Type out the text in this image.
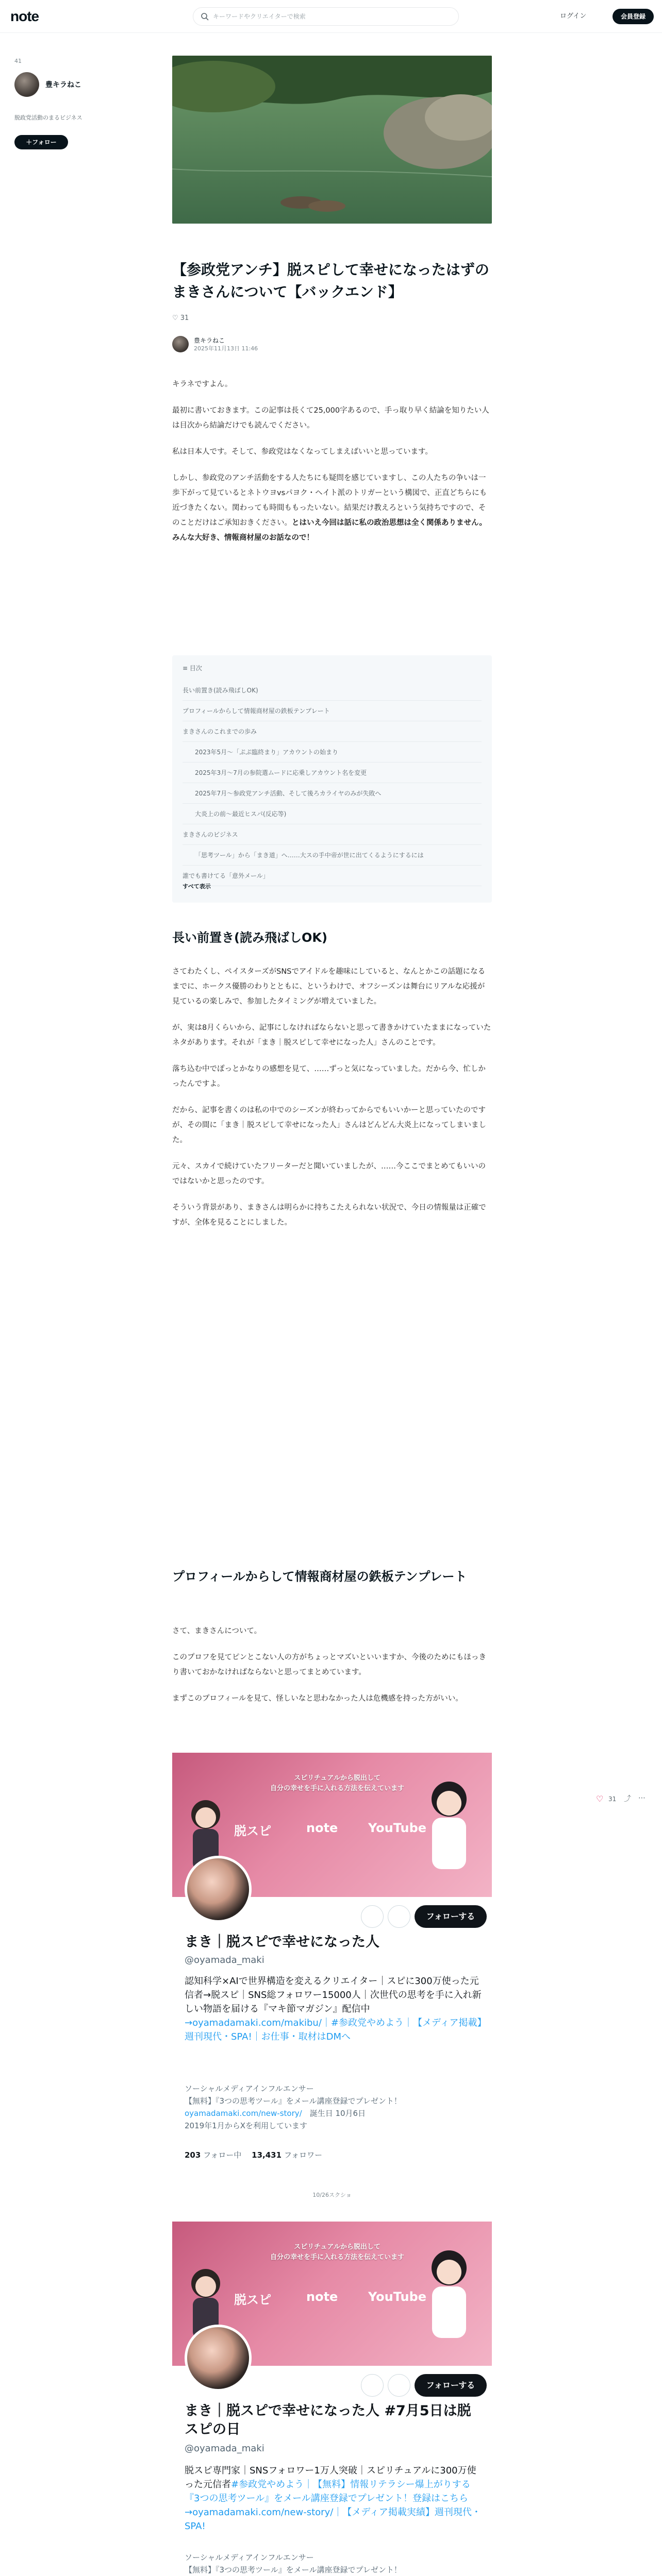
note
キーワードやクリエイターで検索	ログイン	会員登録
41
豊キラねこ
脱政党活動のまるビジネス
＋フォロー
【参政党アンチ】脱スピして幸せになったはずのまきさんについて【バックエンド】
♡ 31
豊キラねこ
2025年11月13日 11:46

キラネですよん。

最初に書いておきます。この記事は長くて25,000字あるので、手っ取り早く結論を知りたい人は目次から結論だけでも読んでください。

私は日本人です。そして、参政党はなくなってしまえばいいと思っています。

しかし、参政党のアンチ活動をする人たちにも疑問を感じていますし、この人たちの争いは一歩下がって見ているとネトウヨvsパヨク・ヘイト派のトリガーという構図で、正直どちらにも近づきたくない。関わっても時間ももったいない。結果だけ教えろという気持ちですので、そのことだけはご承知おきください。とはいえ今回は話に私の政治思想は全く関係ありません。みんな大好き、情報商材屋のお話なので！

≡ 目次
長い前置き(読み飛ばしOK)
プロフィールからして情報商材屋の鉄板テンプレート
まきさんのこれまでの歩み
2023年5月〜「ぷぷ臨終まり」アカウントの始まり
2025年3月〜7月の参院選ムードに応乗しアカウント名を変更
2025年7月〜参政党アンチ活動、そして後ろカライヤのみが失敗へ
大炎上の前〜最近ヒスパ(反応等)
まきさんのビジネス
「思考ツール」から「まき道」へ……大スの手中帝が世に出てくるようにするには
誰でも書けてる「意外メール」
すべて表示
長い前置き(読み飛ばしOK)

さてわたくし、ペイスターズがSNSでアイドルを趣味にしていると、なんとかこの話題になるまでに、ホークス優勝のわりとともに、というわけで、オフシーズンは舞台にリアルな応援が見ているの楽しみで、参加したタイミングが増えていました。

が、実は8月くらいから、記事にしなければならないと思って書きかけていたままになっていたネタがあります。それが「まき｜脱スピして幸せになった人」さんのことです。

落ち込む中でぽっとかなりの感想を見て、……ずっと気になっていました。だから今、忙しかったんですよ。

だから、記事を書くのは私の中でのシーズンが終わってからでもいいかーと思っていたのですが、その間に「まき｜脱スピして幸せになった人」さんはどんどん大炎上になってしまいました。

元々、スカイで続けていたフリーターだと聞いていましたが、……今ここでまとめてもいいのではないかと思ったのです。

そういう背景があり、まきさんは明らかに持ちこたえられない状況で、今日の情報量は正確ですが、全体を見ることにしました。

プロフィールからして情報商材屋の鉄板テンプレート

さて、まきさんについて。

このプロフを見てピンとこない人の方がちょっとマズいといいますか、今後のためにもほっきり書いておかなければならないと思ってまとめています。

まずこのプロフィールを見て、怪しいなと思わなかった人は危機感を持った方がいい。

スピリチュアルから脱出して
自分の幸せを手に入れる方法を伝えています
脱スピ	note YouTube
フォローする
まき｜脱スピで幸せになった人
@oyamada_maki
認知科学×AIで世界構造を変えるクリエイター｜スピに300万使った元信者→脱スピ｜SNS総フォロワー15000人｜次世代の思考を手に入れ新しい物語を届ける『マキ節マガジン』配信中→oyamadamaki.com/makibu/｜#参政党やめよう｜【メディア掲載】週刊現代・SPA!｜お仕事・取材はDMへ
ソーシャルメディアインフルエンサー
【無料】『3つの思考ツール』をメール講座登録でプレゼント！
oyamadamaki.com/new-story/　 誕生日 10月6日
2019年1月からXを利用しています
203 フォロー中　 13,431 フォロワー
10/26スクショ
スピリチュアルから脱出して
自分の幸せを手に入れる方法を伝えています
脱スピ	note YouTube
フォローする
まき｜脱スピで幸せになった人 #7月5日は脱スピの日
@oyamada_maki
脱スピ専門家｜SNSフォロワー1万人突破｜スピリチュアルに300万使った元信者#参政党やめよう｜【無料】情報リテラシー爆上がりする『3つの思考ツール』をメール講座登録でプレゼント！登録はこちら→oyamadamaki.com/new-story/｜【メディア掲載実績】週刊現代・SPA!
ソーシャルメディアインフルエンサー
【無料】『3つの思考ツール』をメール講座登録でプレゼント！

♡ 31 ⤴ ⋯
